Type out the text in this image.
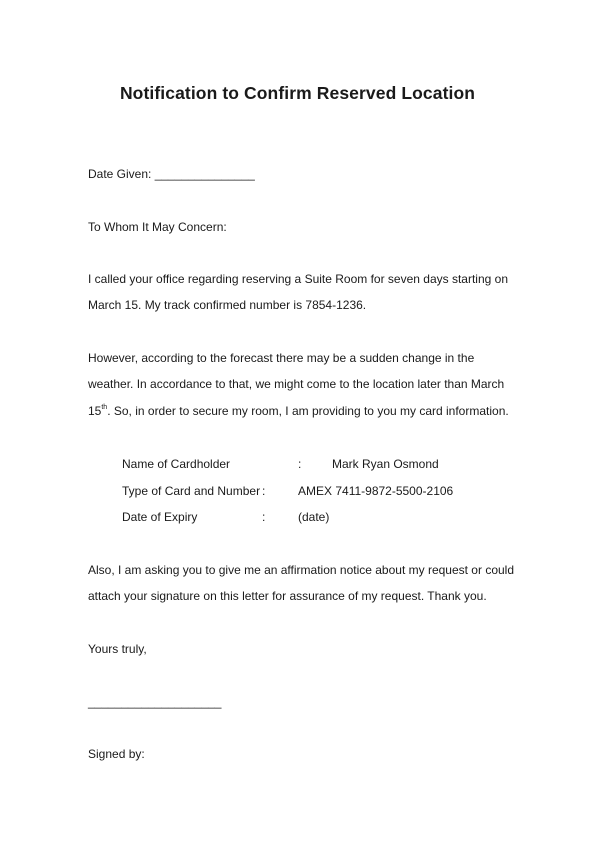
Notification to Confirm Reserved Location
Date Given: _______________
To Whom It May Concern:
I called your office regarding reserving a Suite Room for seven days starting on
March 15. My track confirmed number is 7854-1236.
However, according to the forecast there may be a sudden change in the
weather. In accordance to that, we might come to the location later than March
15th. So, in order to secure my room, I am providing to you my card information.
Name of Cardholder	:	Mark Ryan Osmond
Type of Card and Number :	AMEX 7411-9872-5500-2106
Date of Expiry	:	(date)
Also, I am asking you to give me an affirmation notice about my request or could
attach your signature on this letter for assurance of my request. Thank you.
Yours truly,
____________________
Signed by:
